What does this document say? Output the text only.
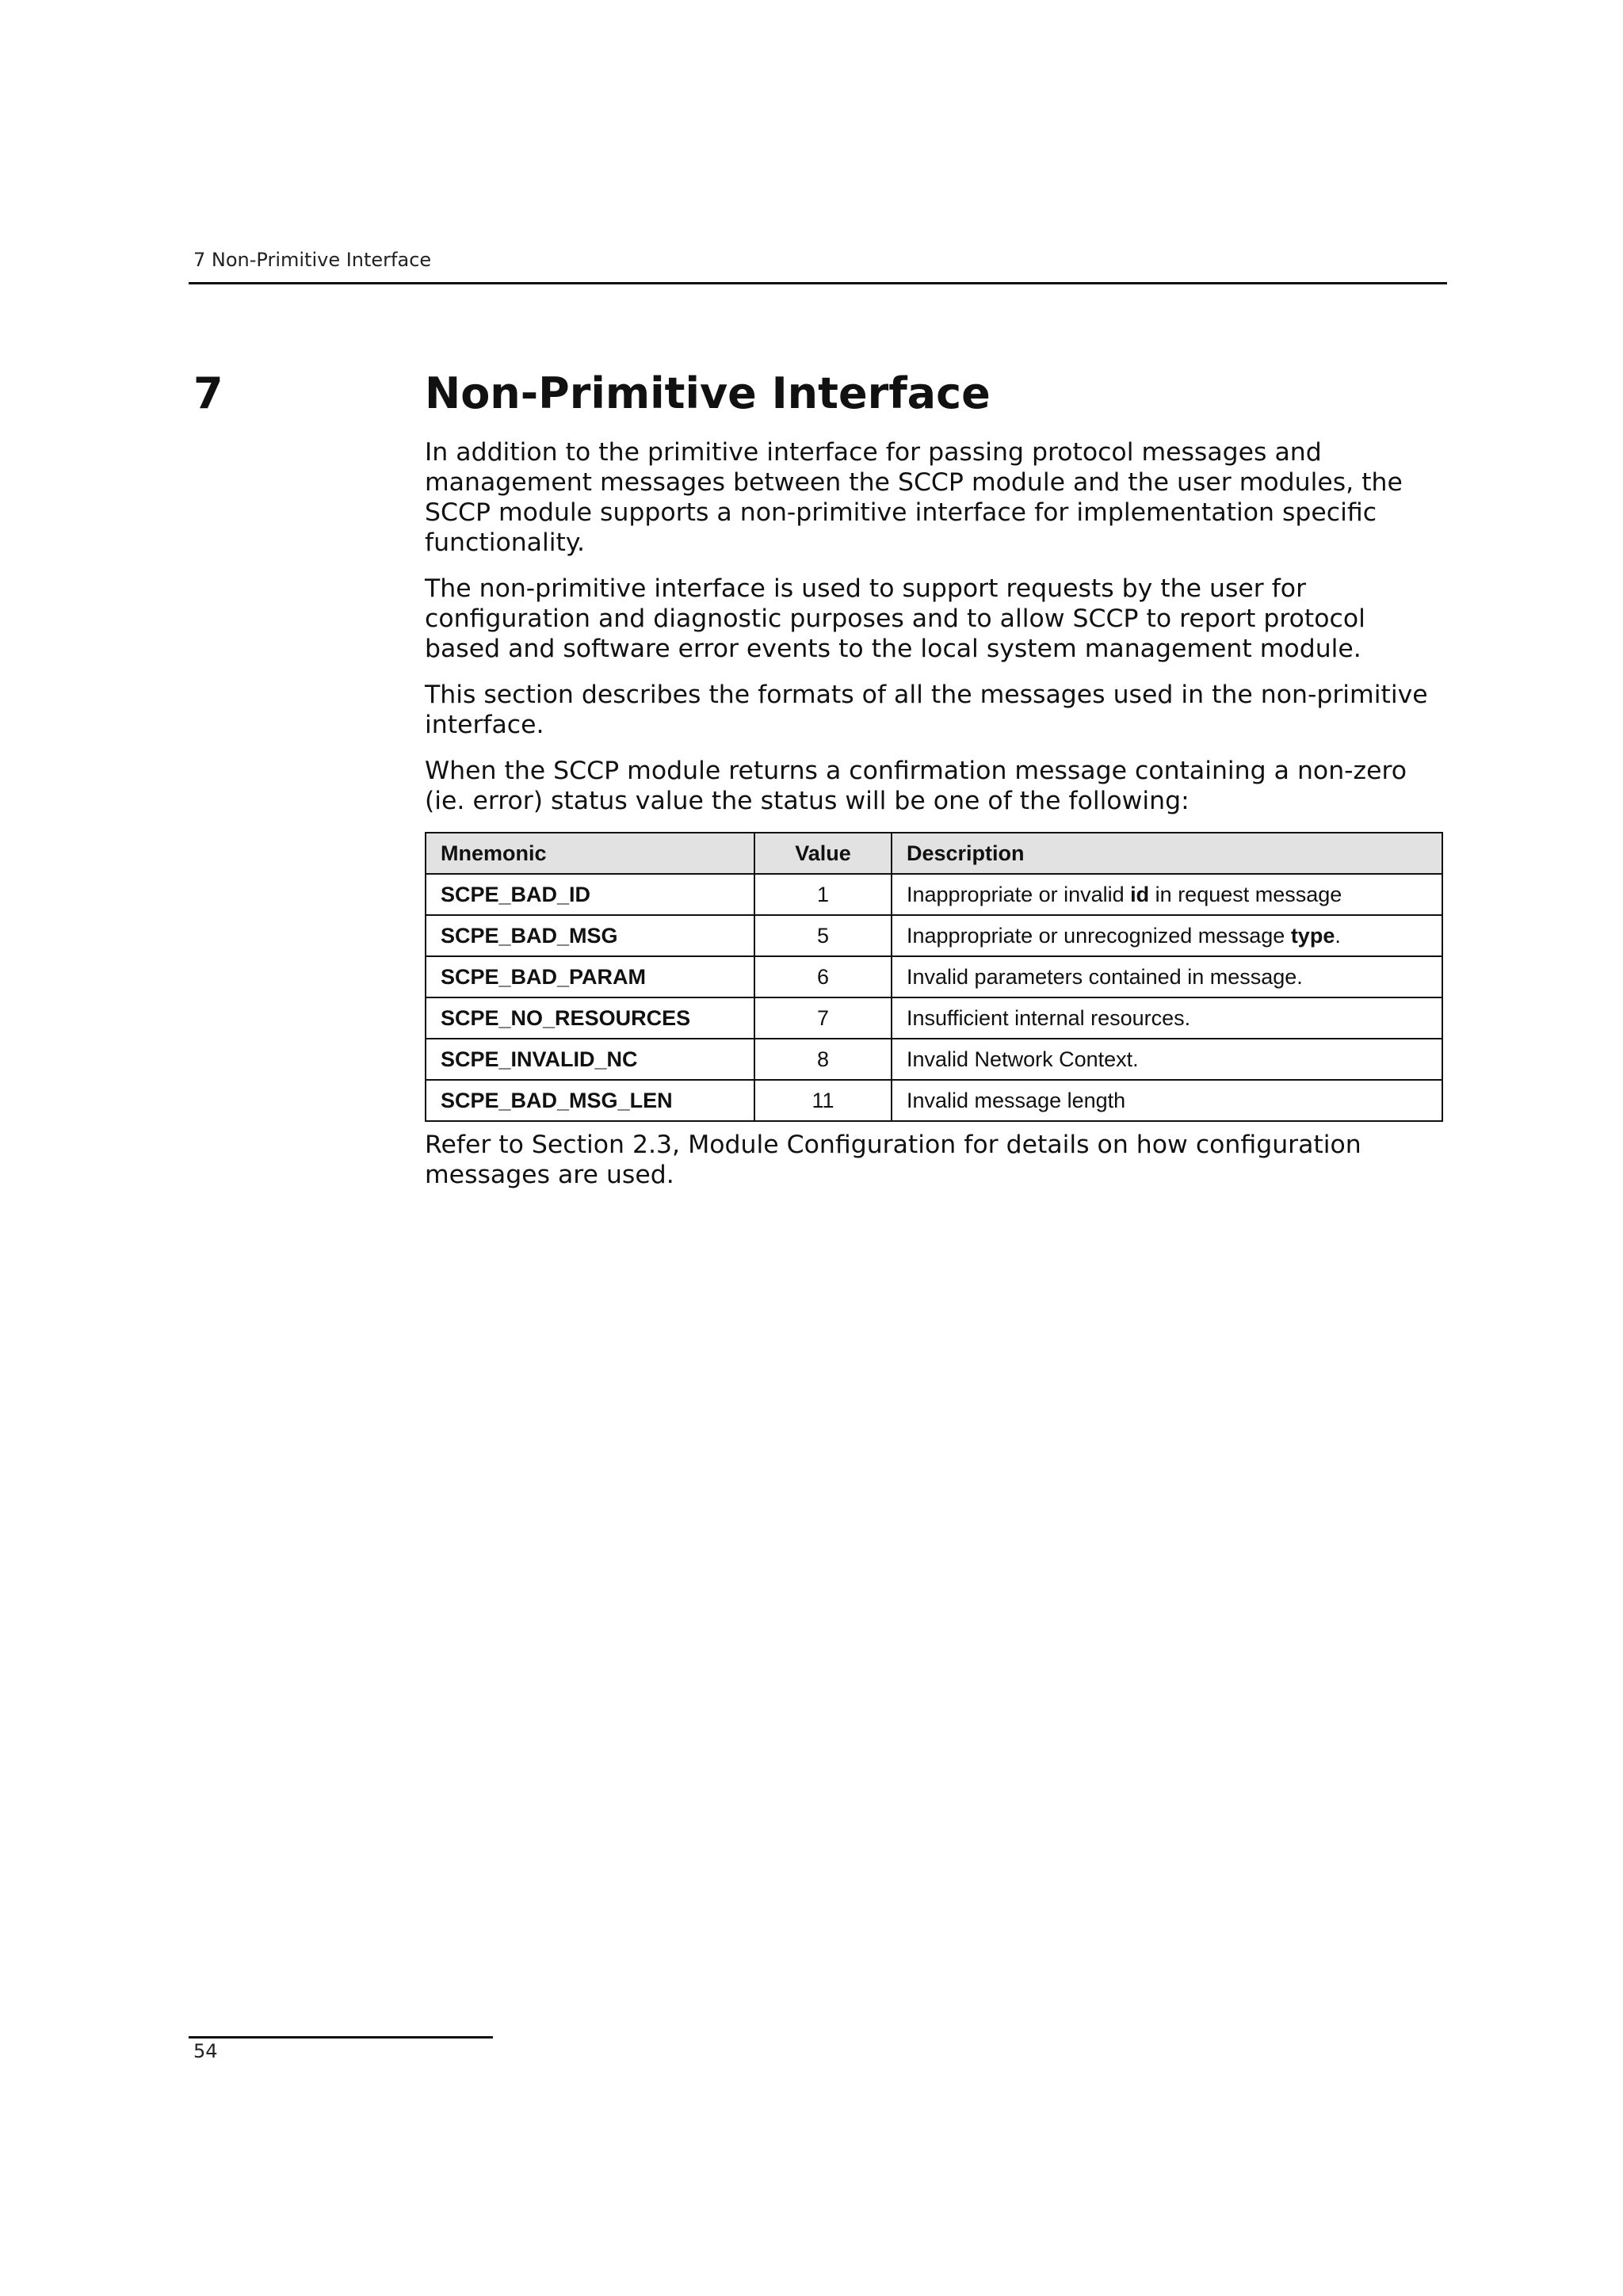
7 Non-Primitive Interface
7	Non-Primitive Interface

In addition to the primitive interface for passing protocol messages and management messages between the SCCP module and the user modules, the SCCP module supports a non-primitive interface for implementation specific functionality.

The non-primitive interface is used to support requests by the user for configuration and diagnostic purposes and to allow SCCP to report protocol based and software error events to the local system management module.

This section describes the formats of all the messages used in the non-primitive interface.

When the SCCP module returns a confirmation message containing a non-zero (ie. error) status value the status will be one of the following:

Mnemonic	Value	Description
SCPE_BAD_ID	1	Inappropriate or invalid id in request message
SCPE_BAD_MSG	5	Inappropriate or unrecognized message type.
SCPE_BAD_PARAM	6	Invalid parameters contained in message.
SCPE_NO_RESOURCES	7	Insufficient internal resources.
SCPE_INVALID_NC	8	Invalid Network Context.
SCPE_BAD_MSG_LEN	11	Invalid message length

Refer to Section 2.3, Module Configuration for details on how configuration messages are used.

54
